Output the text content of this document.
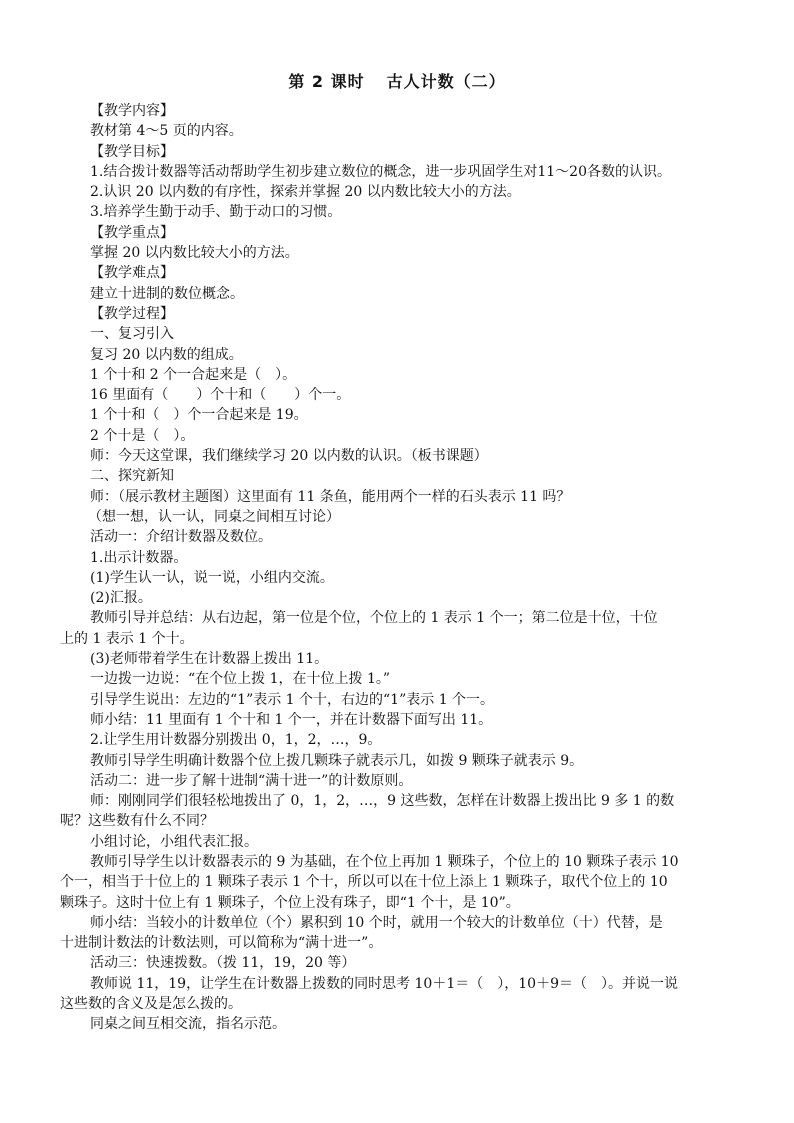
第 2 课时 古人计数（二）
【教学内容】
教材第 4～5 页的内容。
【教学目标】
1.结合拨计数器等活动帮助学生初步建立数位的概念，进一步巩固学生对11～20各数的认识。
2.认识 20 以内数的有序性，探索并掌握 20 以内数比较大小的方法。
3.培养学生勤于动手、勤于动口的习惯。
【教学重点】
掌握 20 以内数比较大小的方法。
【教学难点】
建立十进制的数位概念。
【教学过程】
一、复习引入
复习 20 以内数的组成。
1 个十和 2 个一合起来是（　）。
16 里面有（　　）个十和（　　）个一。
1 个十和（　）个一合起来是 19。
2 个十是（　）。
师：今天这堂课，我们继续学习 20 以内数的认识。（板书课题）
二、探究新知
师：（展示教材主题图）这里面有 11 条鱼，能用两个一样的石头表示 11 吗？
（想一想，认一认，同桌之间相互讨论）
活动一：介绍计数器及数位。
1.出示计数器。
(1)学生认一认，说一说，小组内交流。
(2)汇报。
教师引导并总结：从右边起，第一位是个位，个位上的 1 表示 1 个一；第二位是十位，十位
上的 1 表示 1 个十。
(3)老师带着学生在计数器上拨出 11。
一边拨一边说：“在个位上拨 1，在十位上拨 1。”
引导学生说出：左边的“1”表示 1 个十，右边的“1”表示 1 个一。
师小结：11 里面有 1 个十和 1 个一，并在计数器下面写出 11。
2.让学生用计数器分别拨出 0，1，2，…，9。
教师引导学生明确计数器个位上拨几颗珠子就表示几，如拨 9 颗珠子就表示 9。
活动二：进一步了解十进制“满十进一”的计数原则。
师：刚刚同学们很轻松地拨出了 0，1，2，…，9 这些数，怎样在计数器上拨出比 9 多 1 的数
呢？这些数有什么不同？
小组讨论，小组代表汇报。
教师引导学生以计数器表示的 9 为基础，在个位上再加 1 颗珠子，个位上的 10 颗珠子表示 10
个一，相当于十位上的 1 颗珠子表示 1 个十，所以可以在十位上添上 1 颗珠子，取代个位上的 10
颗珠子。这时十位上有 1 颗珠子，个位上没有珠子，即“1 个十，是 10”。
师小结：当较小的计数单位（个）累积到 10 个时，就用一个较大的计数单位（十）代替，是
十进制计数法的计数法则，可以简称为“满十进一”。
活动三：快速拨数。（拨 11，19，20 等）
教师说 11，19，让学生在计数器上拨数的同时思考 10＋1＝（　），10＋9＝（　）。并说一说
这些数的含义及是怎么拨的。
同桌之间互相交流，指名示范。
